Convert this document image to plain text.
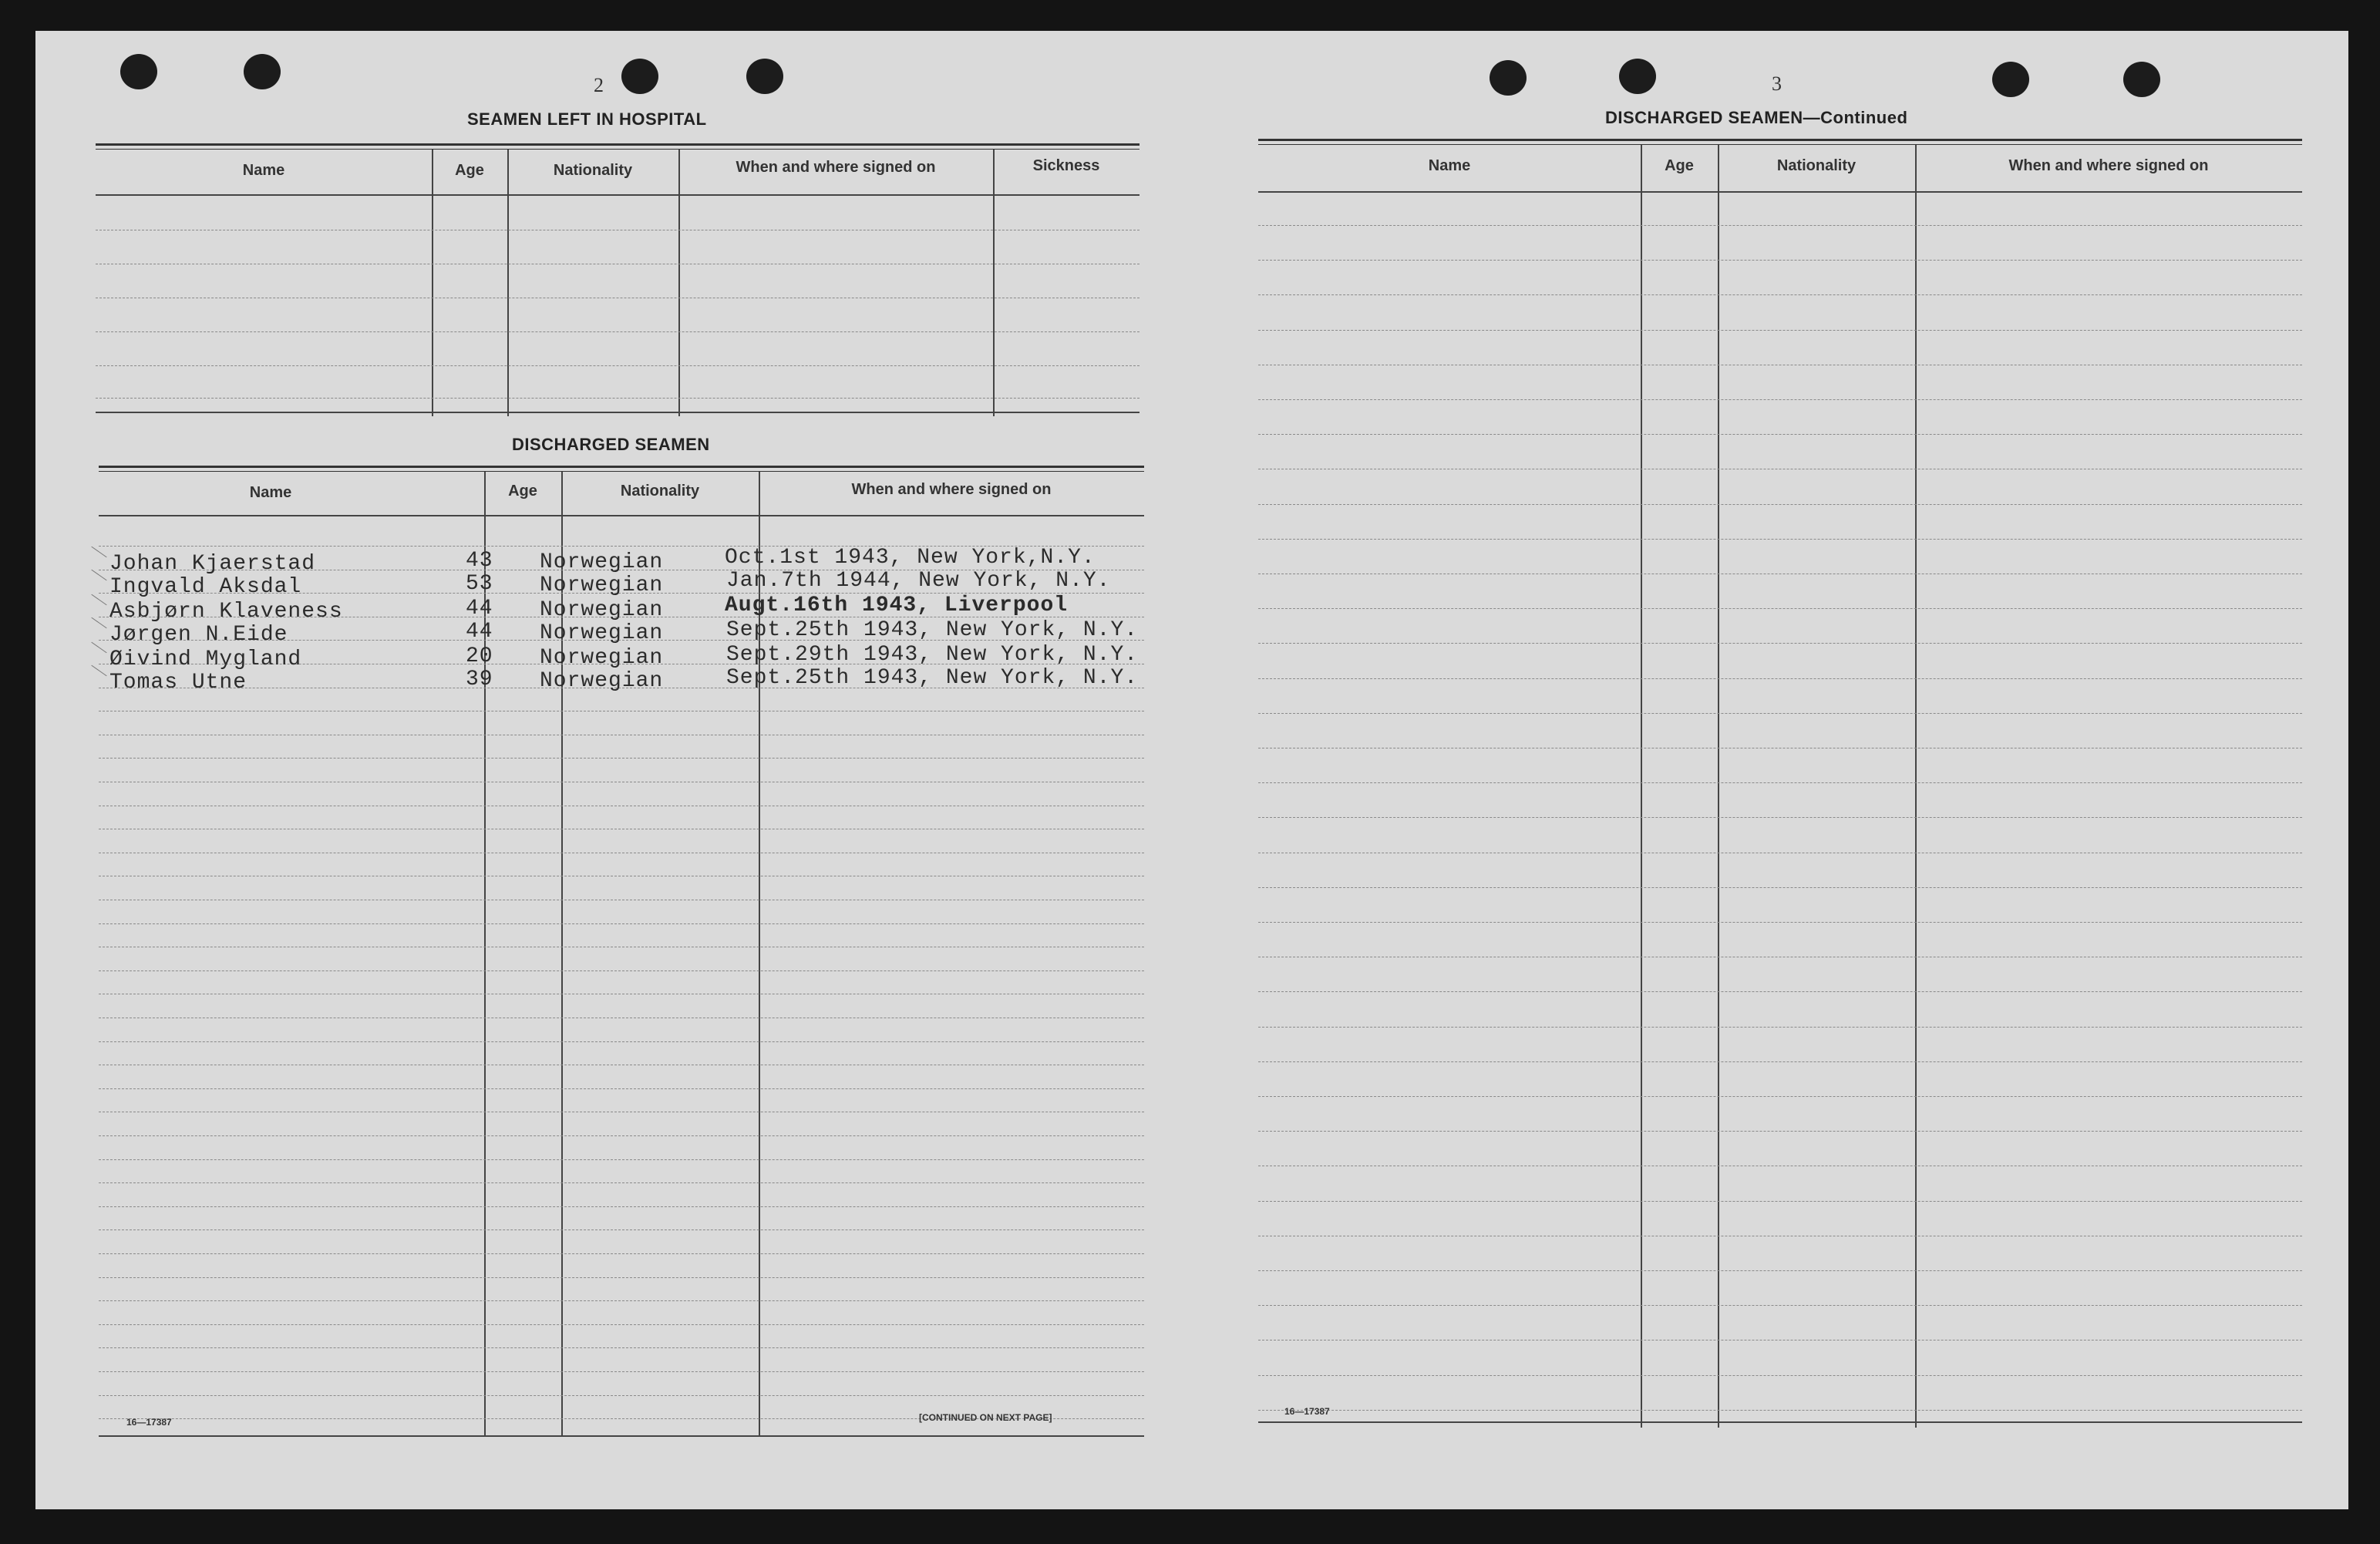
2
SEAMEN LEFT IN HOSPITAL
Name	Age	Nationality	When and where signed on	Sickness
DISCHARGED SEAMEN
Name	Age	Nationality	When and where signed on
Johan Kjaerstad	43 Norwegian	Oct.1st 1943, New York,N.Y.
Ingvald Aksdal	53 Norwegian	Jan.7th 1944, New York, N.Y.
Asbjørn Klaveness	44 Norwegian	Augt.16th 1943, Liverpool
Jørgen N.Eide	44 Norwegian	Sept.25th 1943, New York, N.Y.
Øivind Mygland	20 Norwegian	Sept.29th 1943, New York, N.Y.
Tomas Utne	39 Norwegian	Sept.25th 1943, New York, N.Y.
16—17387	[CONTINUED ON NEXT PAGE]
3
DISCHARGED SEAMEN—Continued
Name	Age	Nationality	When and where signed on
16—17387
